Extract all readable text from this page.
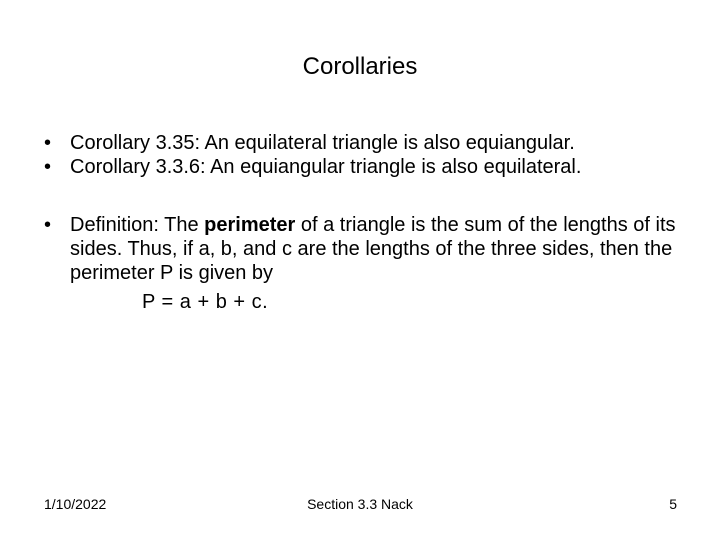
Corollaries
• Corollary 3.35: An equilateral triangle is also equiangular.
• Corollary 3.3.6: An equiangular triangle is also equilateral.
• Definition: The perimeter of a triangle is the sum of the lengths of its sides. Thus, if a, b, and c are the lengths of the three sides, then the perimeter P is given by
P = a + b + c.
1/10/2022	Section 3.3 Nack	5
